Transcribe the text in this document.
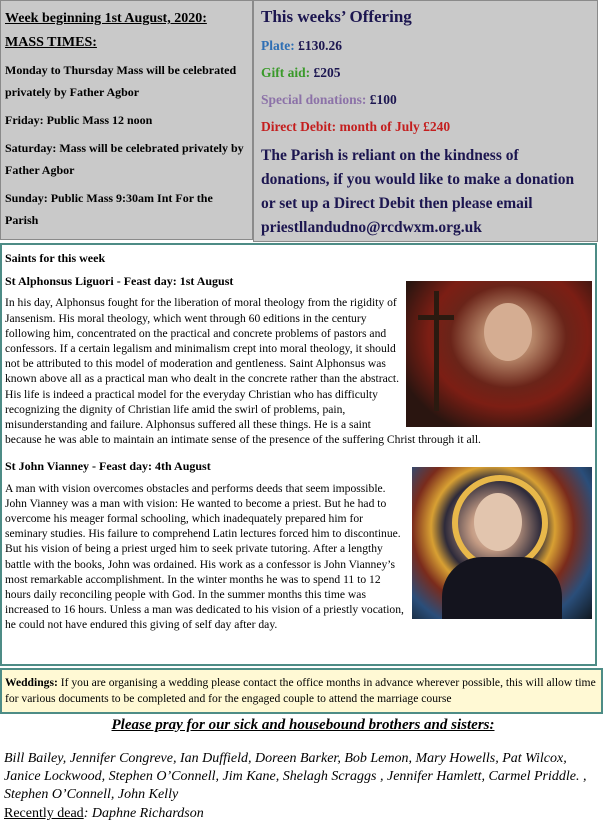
Week beginning 1st August, 2020:

MASS TIMES:

Monday to Thursday Mass will be celebrated privately by Father Agbor

Friday: Public Mass 12 noon

Saturday: Mass will be celebrated privately by Father Agbor

Sunday: Public Mass 9:30am Int For the Parish

This weeks’ Offering
Plate: £130.26
Gift aid: £205
Special donations: £100
Direct Debit: month of July £240
The Parish is reliant on the kindness of donations, if you would like to make a donation or set up a Direct Debit then please email priestllandudno@rcdwxm.org.uk

Saints for this week

St Alphonsus Liguori - Feast day: 1st August

In his day, Alphonsus fought for the liberation of moral theology from the rigidity of Jansenism. His moral theology, which went through 60 editions in the century following him, concentrated on the practical and concrete problems of pastors and confessors. If a certain legalism and minimalism crept into moral theology, it should not be attributed to this model of moderation and gentleness. Saint Alphonsus was known above all as a practical man who dealt in the concrete rather than the abstract. His life is indeed a practical model for the everyday Christian who has difficulty recognizing the dignity of Christian life amid the swirl of problems, pain, misunderstanding and failure. Alphonsus suffered all these things. He is a saint because he was able to maintain an intimate sense of the presence of the suffering Christ through it all.

St John Vianney - Feast day: 4th August

A man with vision overcomes obstacles and performs deeds that seem impossible. John Vianney was a man with vision: He wanted to become a priest. But he had to overcome his meager formal schooling, which inadequately prepared him for seminary studies. His failure to comprehend Latin lectures forced him to discontinue. But his vision of being a priest urged him to seek private tutoring. After a lengthy battle with the books, John was ordained. His work as a confessor is John Vianney’s most remarkable accomplishment. In the winter months he was to spend 11 to 12 hours daily reconciling people with God. In the summer months this time was increased to 16 hours. Unless a man was dedicated to his vision of a priestly vocation, he could not have endured this giving of self day after day.

Weddings: If you are organising a wedding please contact the office months in advance wherever possible, this will allow time for various documents to be completed and for the engaged couple to attend the marriage course
Please pray for our sick and housebound brothers and sisters:
Bill Bailey, Jennifer Congreve, Ian Duffield, Doreen Barker, Bob Lemon, Mary Howells, Pat Wilcox, Janice Lockwood, Stephen O’Connell, Jim Kane, Shelagh Scraggs , Jennifer Hamlett, Carmel Priddle. , Stephen O’Connell, John Kelly
Recently dead: Daphne Richardson
